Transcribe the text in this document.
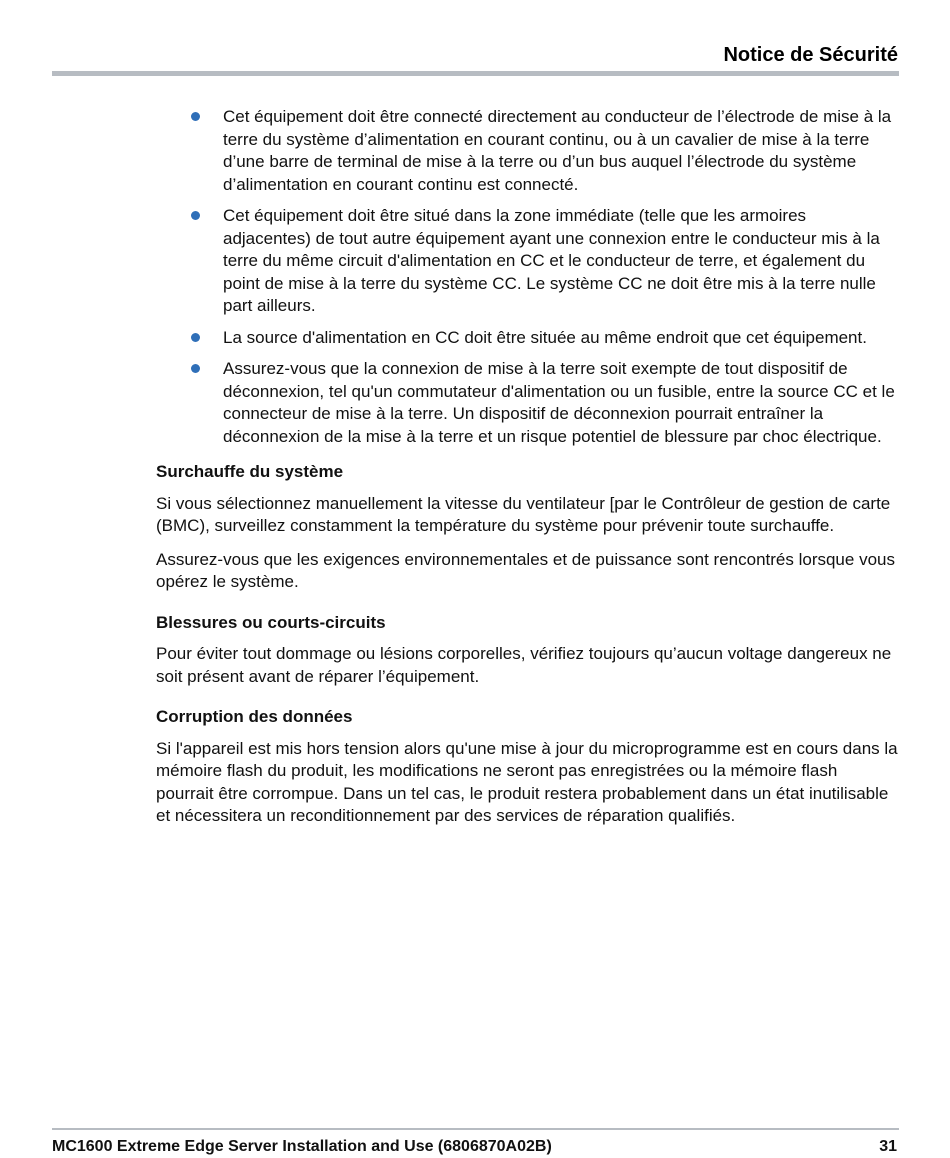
Notice de Sécurité
Cet équipement doit être connecté directement au conducteur de l’électrode de mise à la terre du système d’alimentation en courant continu, ou à un cavalier de mise à la terre d’une barre de terminal de mise à la terre ou d’un bus auquel l’électrode du système d’alimentation en courant continu est connecté.
Cet équipement doit être situé dans la zone immédiate (telle que les armoires adjacentes) de tout autre équipement ayant une connexion entre le conducteur mis à la terre du même circuit d'alimentation en CC et le conducteur de terre, et également du point de mise à la terre du système CC. Le système CC ne doit être mis à la terre nulle part ailleurs.
La source d'alimentation en CC doit être située au même endroit que cet équipement.
Assurez-vous que la connexion de mise à la terre soit exempte de tout dispositif de déconnexion, tel qu'un commutateur d'alimentation ou un fusible, entre la source CC et le connecteur de mise à la terre. Un dispositif de déconnexion pourrait entraîner la déconnexion de la mise à la terre et un risque potentiel de blessure par choc électrique.
Surchauffe du système

Si vous sélectionnez manuellement la vitesse du ventilateur [par le Contrôleur de gestion de carte (BMC), surveillez constamment la température du système pour prévenir toute surchauffe.

Assurez-vous que les exigences environnementales et de puissance sont rencontrés lorsque vous opérez le système.

Blessures ou courts-circuits

Pour éviter tout dommage ou lésions corporelles, vérifiez toujours qu’aucun voltage dangereux ne soit présent avant de réparer l’équipement.

Corruption des données

Si l'appareil est mis hors tension alors qu'une mise à jour du microprogramme est en cours dans la mémoire flash du produit, les modifications ne seront pas enregistrées ou la mémoire flash pourrait être corrompue. Dans un tel cas, le produit restera probablement dans un état inutilisable et nécessitera un reconditionnement par des services de réparation qualifiés.

MC1600 Extreme Edge Server Installation and Use (6806870A02B)	31
